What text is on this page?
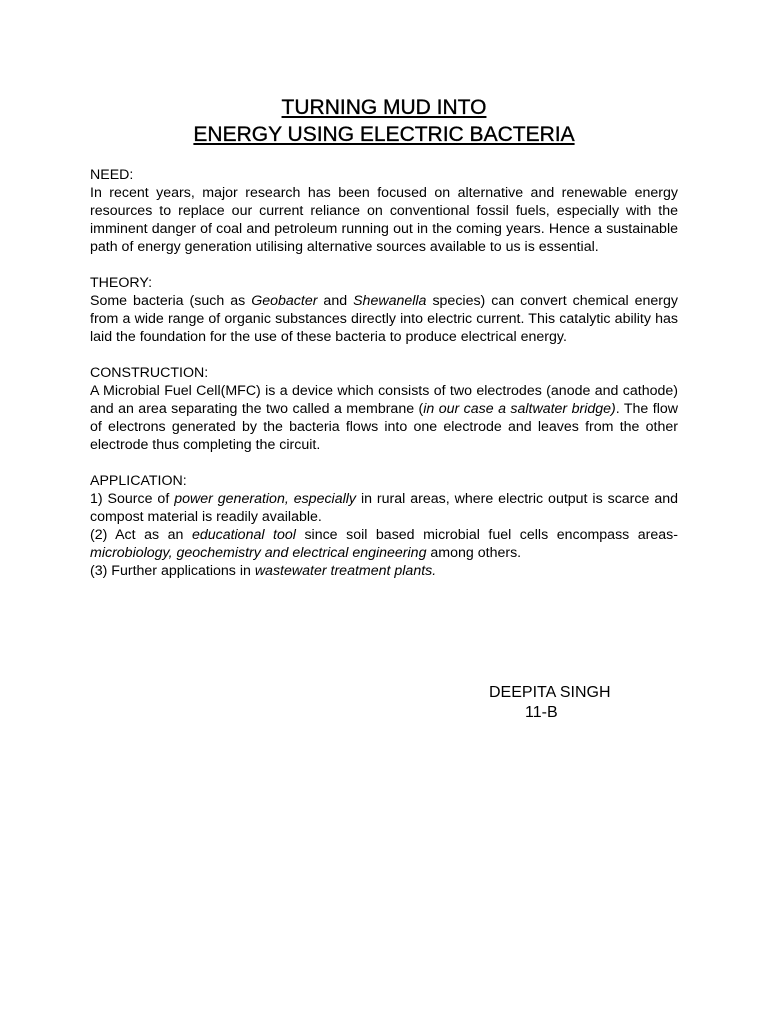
TURNING MUD INTO
ENERGY USING ELECTRIC BACTERIA
NEED:
In recent years, major research has been focused on alternative and renewable energy resources to replace our current reliance on conventional fossil fuels, especially with the imminent danger of coal and petroleum running out in the coming years. Hence a sustainable path of energy generation utilising alternative sources available to us is essential.
THEORY:
Some bacteria (such as Geobacter and Shewanella species) can convert chemical energy from a wide range of organic substances directly into electric current. This catalytic ability has laid the foundation for the use of these bacteria to produce electrical energy.
CONSTRUCTION:
A Microbial Fuel Cell(MFC) is a device which consists of two electrodes (anode and cathode) and an area separating the two called a membrane (in our case a saltwater bridge). The flow of electrons generated by the bacteria flows into one electrode and leaves from the other electrode thus completing the circuit.
APPLICATION:
1) Source of power generation, especially in rural areas, where electric output is scarce and compost material is readily available.
(2) Act as an educational tool since soil based microbial fuel cells encompass areas-microbiology, geochemistry and electrical engineering among others.
(3) Further applications in wastewater treatment plants.
DEEPITA SINGH
11-B
